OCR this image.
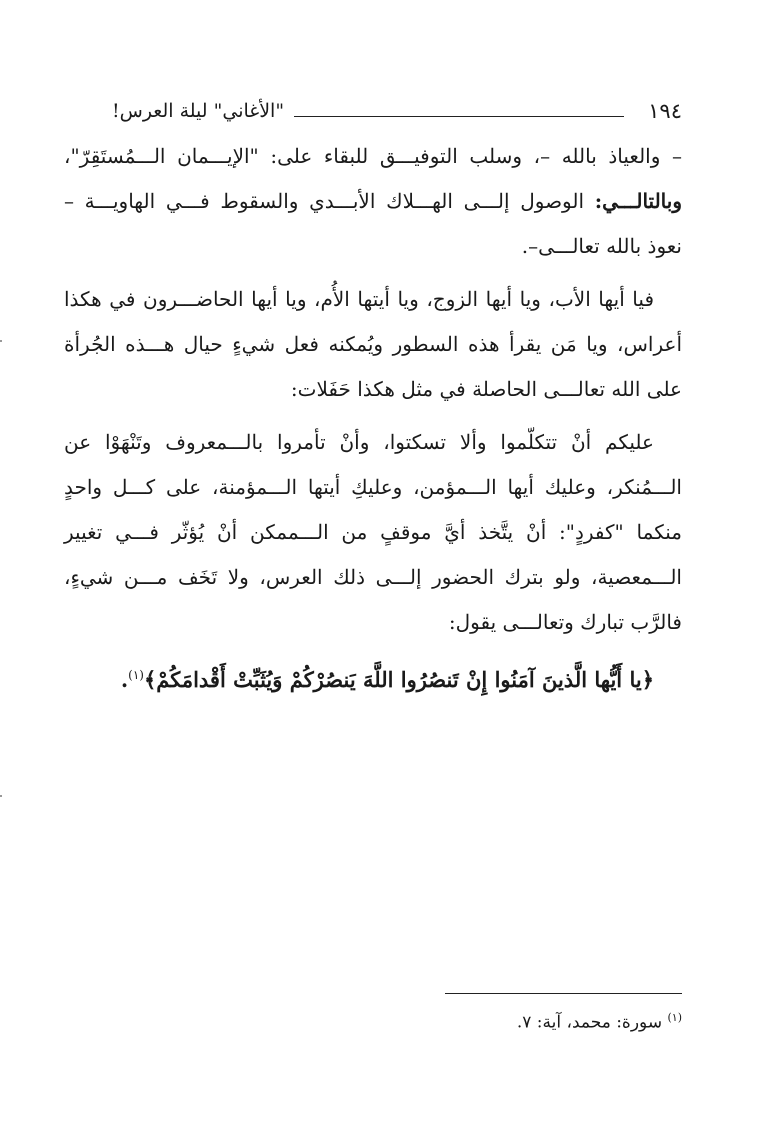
١٩٤
"الأغاني" ليلة العرس!

– والعياذ بالله –، وسلب التوفيـــق للبقاء على: "الإيـــمان الـــمُستَقِرّ"، وبالتالـــي: الوصول إلـــى الهـــلاك الأبـــدي والسقوط فـــي الهاويـــة – نعوذ بالله تعالـــى–.

فيا أيها الأب، ويا أيها الزوج، ويا أيتها الأُم، ويا أيها الحاضـــرون في هكذا أعراس، ويا مَن يقرأ هذه السطور ويُمكنه فعل شيءٍ حيال هـــذه الجُرأة على الله تعالـــى الحاصلة في مثل هكذا حَفَلات:

عليكم أنْ تتكلّموا وألا تسكتوا، وأنْ تأمروا بالـــمعروف وتَنْهَوْا عن الـــمُنكر، وعليك أيها الـــمؤمن، وعليكِ أيتها الـــمؤمنة، على كـــل واحدٍ منكما "كفردٍ": أنْ يتَّخذ أيَّ موقفٍ من الـــممكن أنْ يُؤثّر فـــي تغيير الـــمعصية، ولو بترك الحضور إلـــى ذلك العرس، ولا تَخَف مـــن شيءٍ، فالرَّب تبارك وتعالـــى يقول:

﴿يا أَيُّها الَّذينَ آمَنُوا إِنْ تَنصُرُوا اللَّهَ يَنصُرْكُمْ وَيُثَبِّتْ أَقْدامَكُمْ﴾$^{(١)}$.

$^{(١)}$ سورة: محمد، آية: ٧.
